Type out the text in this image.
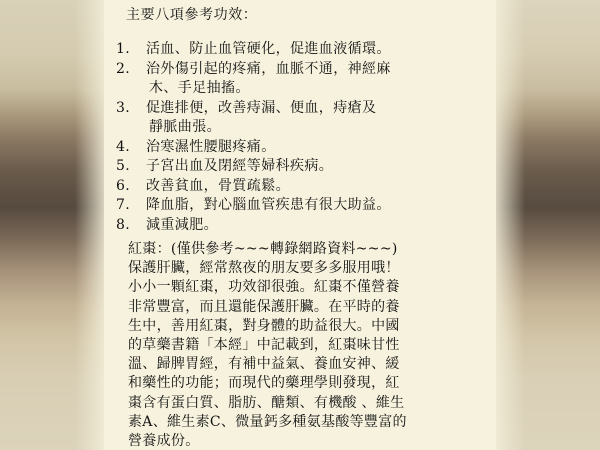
主要八項參考功效：
1.	活血、防止血管硬化，促進血液循環。
2.	治外傷引起的疼痛，血脈不通，神經麻
木、手足抽搐。
3.	促進排便，改善痔漏、便血，痔瘡及
靜脈曲張。
4.	治寒濕性腰腿疼痛。
5.	子宮出血及閉經等婦科疾病。
6.	改善貧血，骨質疏鬆。
7.	降血脂，對心腦血管疾患有很大助益。
8.	減重減肥。
紅棗：(僅供參考~~~轉錄網路資料~~~)
保護肝臟，經常熬夜的朋友要多多服用哦！
小小一顆紅棗，功效卻很強。紅棗不僅營養
非常豐富，而且還能保護肝臟。在平時的養
生中，善用紅棗，對身體的助益很大。中國
的草藥書籍「本經」中記載到，紅棗味甘性
溫、歸脾胃經，有補中益氣、養血安神、緩
和藥性的功能；而現代的藥理學則發現，紅
棗含有蛋白質、脂肪、醣類、有機酸 、維生
素A、維生素C、微量鈣多種氨基酸等豐富的
營養成份。
